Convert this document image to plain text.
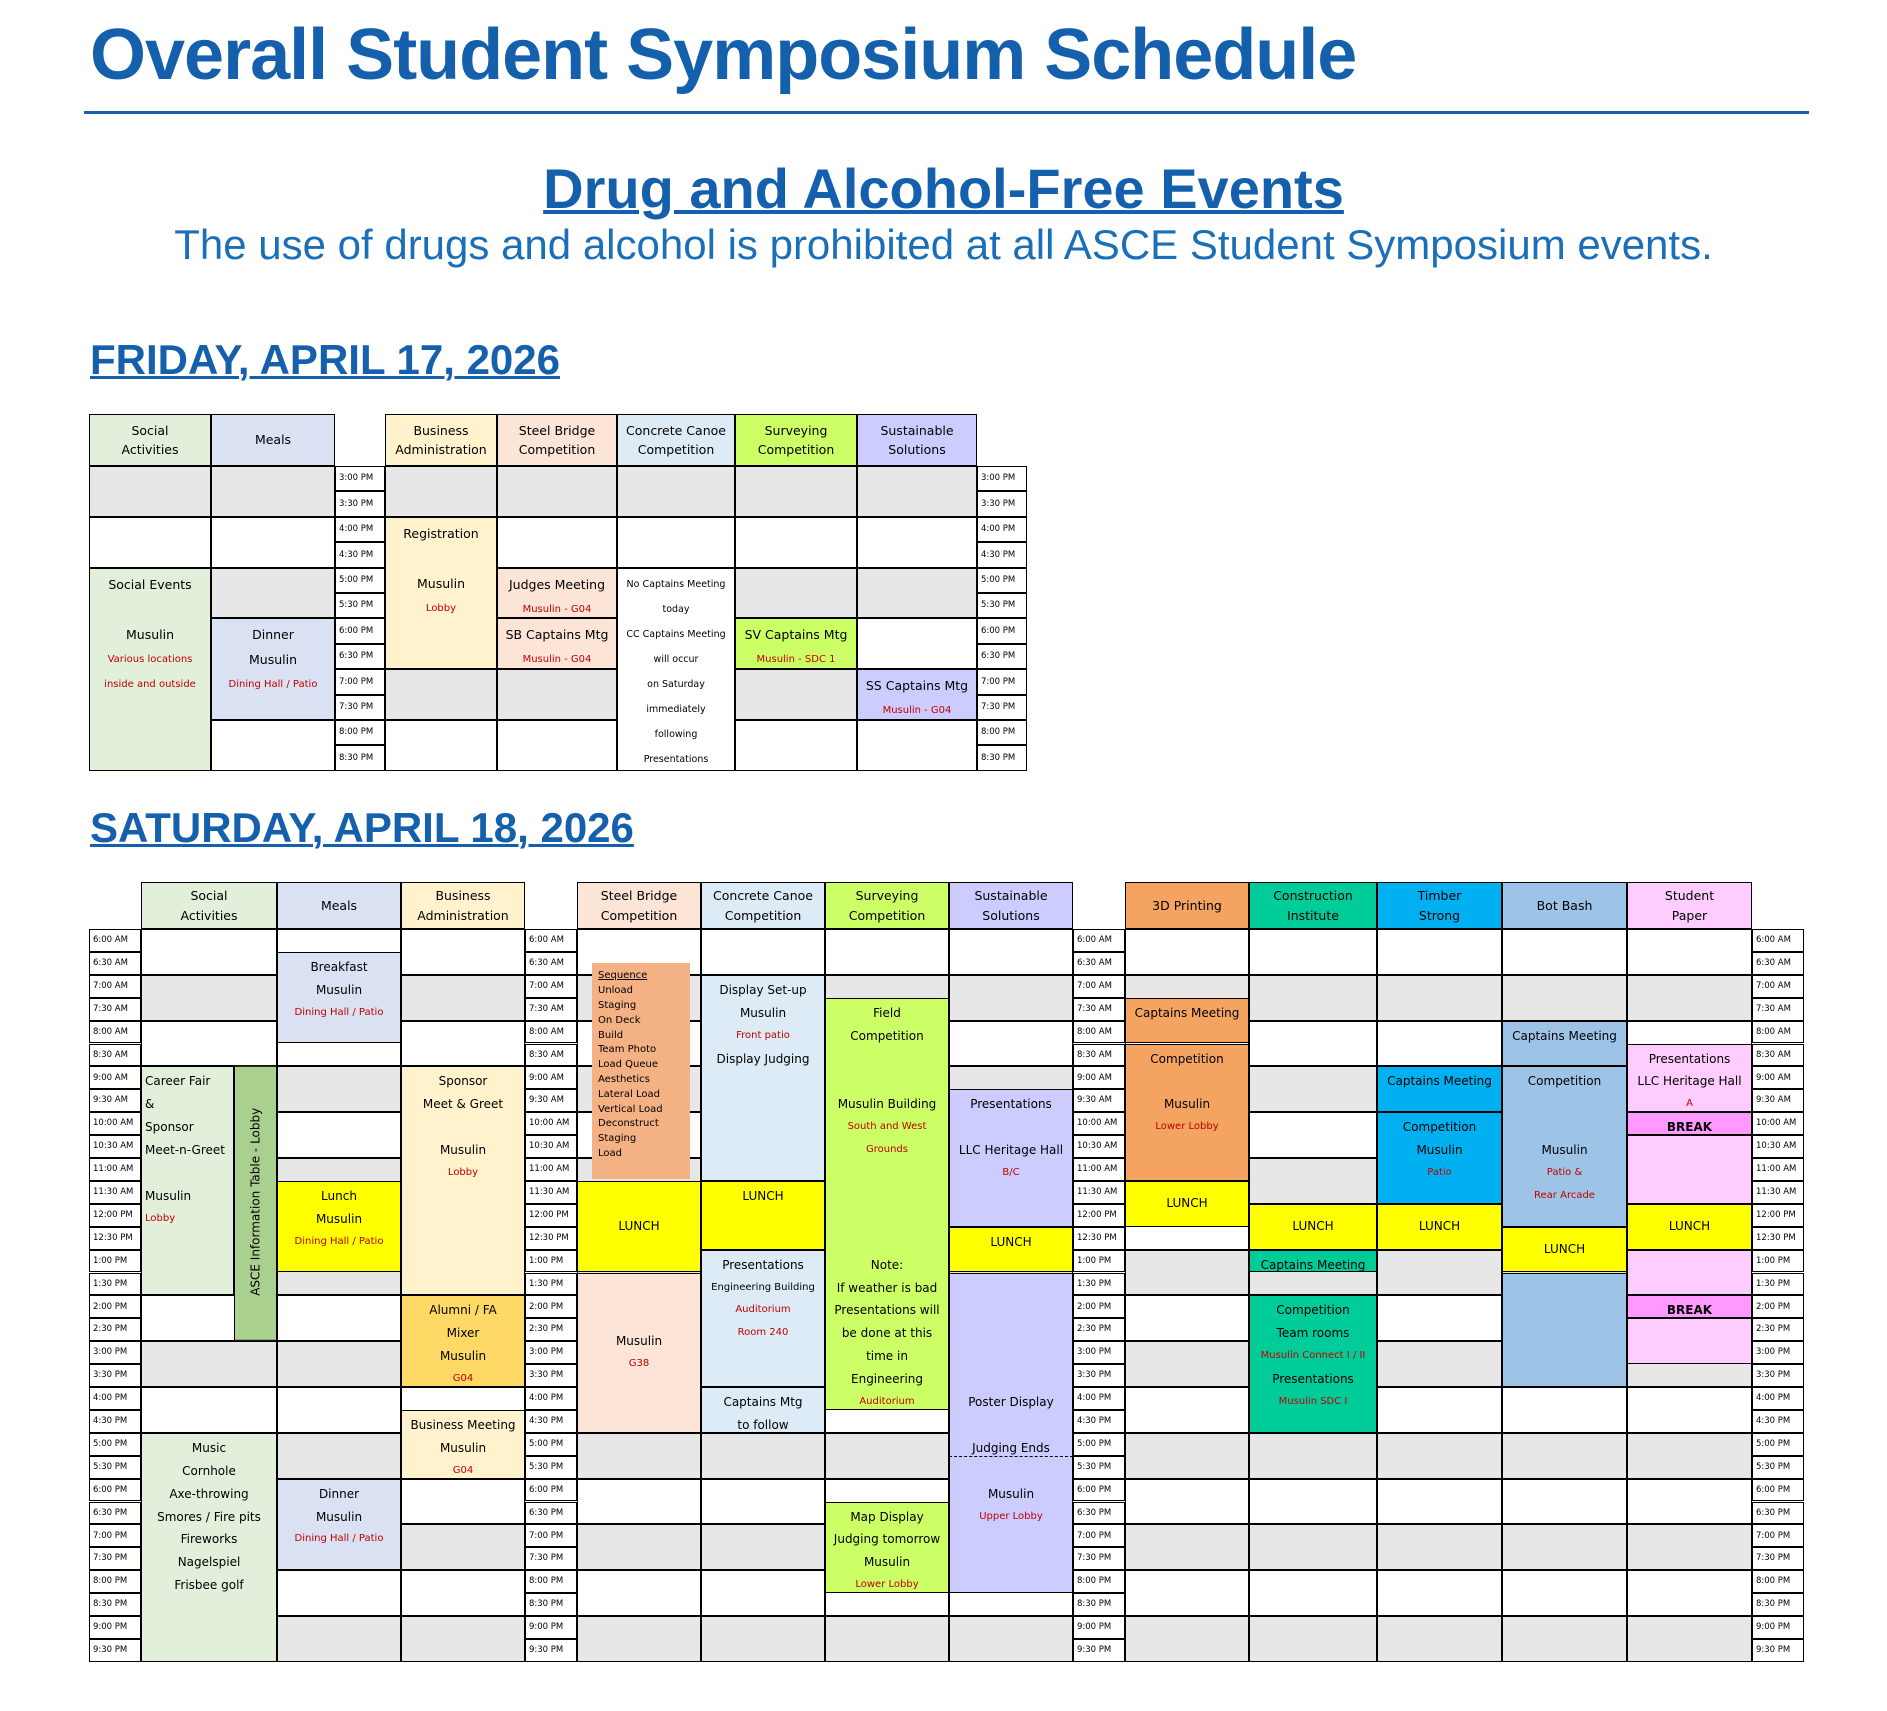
Overall Student Symposium Schedule
Drug and Alcohol-Free Events
The use of drugs and alcohol is prohibited at all ASCE Student Symposium events.
FRIDAY, APRIL 17, 2026
Social
Activities
Meals
Business
Administration
Steel Bridge
Competition
Concrete Canoe
Competition
Surveying
Competition
Sustainable
Solutions
3:00 PM
3:30 PM
4:00 PM
4:30 PM
5:00 PM
5:30 PM
6:00 PM
6:30 PM
7:00 PM
7:30 PM
8:00 PM
8:30 PM
3:00 PM
3:30 PM
4:00 PM
4:30 PM
5:00 PM
5:30 PM
6:00 PM
6:30 PM
7:00 PM
7:30 PM
8:00 PM
8:30 PM
Social Events

Musulin
Various locations
inside and outside
Dinner
Musulin
Dining Hall / Patio
Registration

Musulin
Lobby
Judges Meeting
Musulin - G04
SB Captains Mtg
Musulin - G04
No Captains Meeting
today
CC Captains Meeting
will occur
on Saturday
immediately
following
Presentations
SV Captains Mtg
Musulin - SDC 1
SS Captains Mtg
Musulin - G04
SATURDAY, APRIL 18, 2026
Social
Activities
Meals
Business
Administration
Steel Bridge
Competition
Concrete Canoe
Competition
Surveying
Competition
Sustainable
Solutions
3D Printing
Construction
Institute
Timber
Strong
Bot Bash
Student
Paper
6:00 AM
6:30 AM
7:00 AM
7:30 AM
8:00 AM
8:30 AM
9:00 AM
9:30 AM
10:00 AM
10:30 AM
11:00 AM
11:30 AM
12:00 PM
12:30 PM
1:00 PM
1:30 PM
2:00 PM
2:30 PM
3:00 PM
3:30 PM
4:00 PM
4:30 PM
5:00 PM
5:30 PM
6:00 PM
6:30 PM
7:00 PM
7:30 PM
8:00 PM
8:30 PM
9:00 PM
9:30 PM
6:00 AM
6:30 AM
7:00 AM
7:30 AM
8:00 AM
8:30 AM
9:00 AM
9:30 AM
10:00 AM
10:30 AM
11:00 AM
11:30 AM
12:00 PM
12:30 PM
1:00 PM
1:30 PM
2:00 PM
2:30 PM
3:00 PM
3:30 PM
4:00 PM
4:30 PM
5:00 PM
5:30 PM
6:00 PM
6:30 PM
7:00 PM
7:30 PM
8:00 PM
8:30 PM
9:00 PM
9:30 PM
6:00 AM
6:30 AM
7:00 AM
7:30 AM
8:00 AM
8:30 AM
9:00 AM
9:30 AM
10:00 AM
10:30 AM
11:00 AM
11:30 AM
12:00 PM
12:30 PM
1:00 PM
1:30 PM
2:00 PM
2:30 PM
3:00 PM
3:30 PM
4:00 PM
4:30 PM
5:00 PM
5:30 PM
6:00 PM
6:30 PM
7:00 PM
7:30 PM
8:00 PM
8:30 PM
9:00 PM
9:30 PM
6:00 AM
6:30 AM
7:00 AM
7:30 AM
8:00 AM
8:30 AM
9:00 AM
9:30 AM
10:00 AM
10:30 AM
11:00 AM
11:30 AM
12:00 PM
12:30 PM
1:00 PM
1:30 PM
2:00 PM
2:30 PM
3:00 PM
3:30 PM
4:00 PM
4:30 PM
5:00 PM
5:30 PM
6:00 PM
6:30 PM
7:00 PM
7:30 PM
8:00 PM
8:30 PM
9:00 PM
9:30 PM
Career Fair
&
Sponsor
Meet-n-Greet

Musulin
Lobby	ASCE Information Table - Lobby
Music
Cornhole
Axe-throwing
Smores / Fire pits
Fireworks
Nagelspiel
Frisbee golf
Breakfast
Musulin
Dining Hall / Patio
Lunch
Musulin
Dining Hall / Patio
Dinner
Musulin
Dining Hall / Patio
Sponsor
Meet & Greet

Musulin
Lobby
Alumni / FA
Mixer
Musulin
G04
Business Meeting
Musulin
G04
LUNCH
Musulin
G38
Display Set-up
Musulin
Front patio
Display Judging
LUNCH
Presentations
Engineering Building
Auditorium
Room 240
Captains Mtg
to follow
Field
Competition

Musulin Building
South and West
Grounds

Note:
If weather is bad
Presentations will
be done at this
time in
Engineering
Auditorium
Map Display
Judging tomorrow
Musulin
Lower Lobby
Presentations

LLC Heritage Hall
B/C
LUNCH

Poster Display

Judging Ends

Musulin
Upper Lobby
Captains Meeting
Competition

Musulin
Lower Lobby
LUNCH
LUNCH
Captains Meeting
Competition
Team rooms
Musulin Connect I / II
Presentations
Musulin SDC I
Captains Meeting
Competition
Musulin
Patio
LUNCH
Captains Meeting
Competition

Musulin
Patio &
Rear Arcade
LUNCH
Presentations
LLC Heritage Hall
A
BREAK
LUNCH
BREAK
Sequence
Unload
Staging
On Deck
Build
Team Photo
Load Queue
Aesthetics
Lateral Load
Vertical Load
Deconstruct
Staging
Load
